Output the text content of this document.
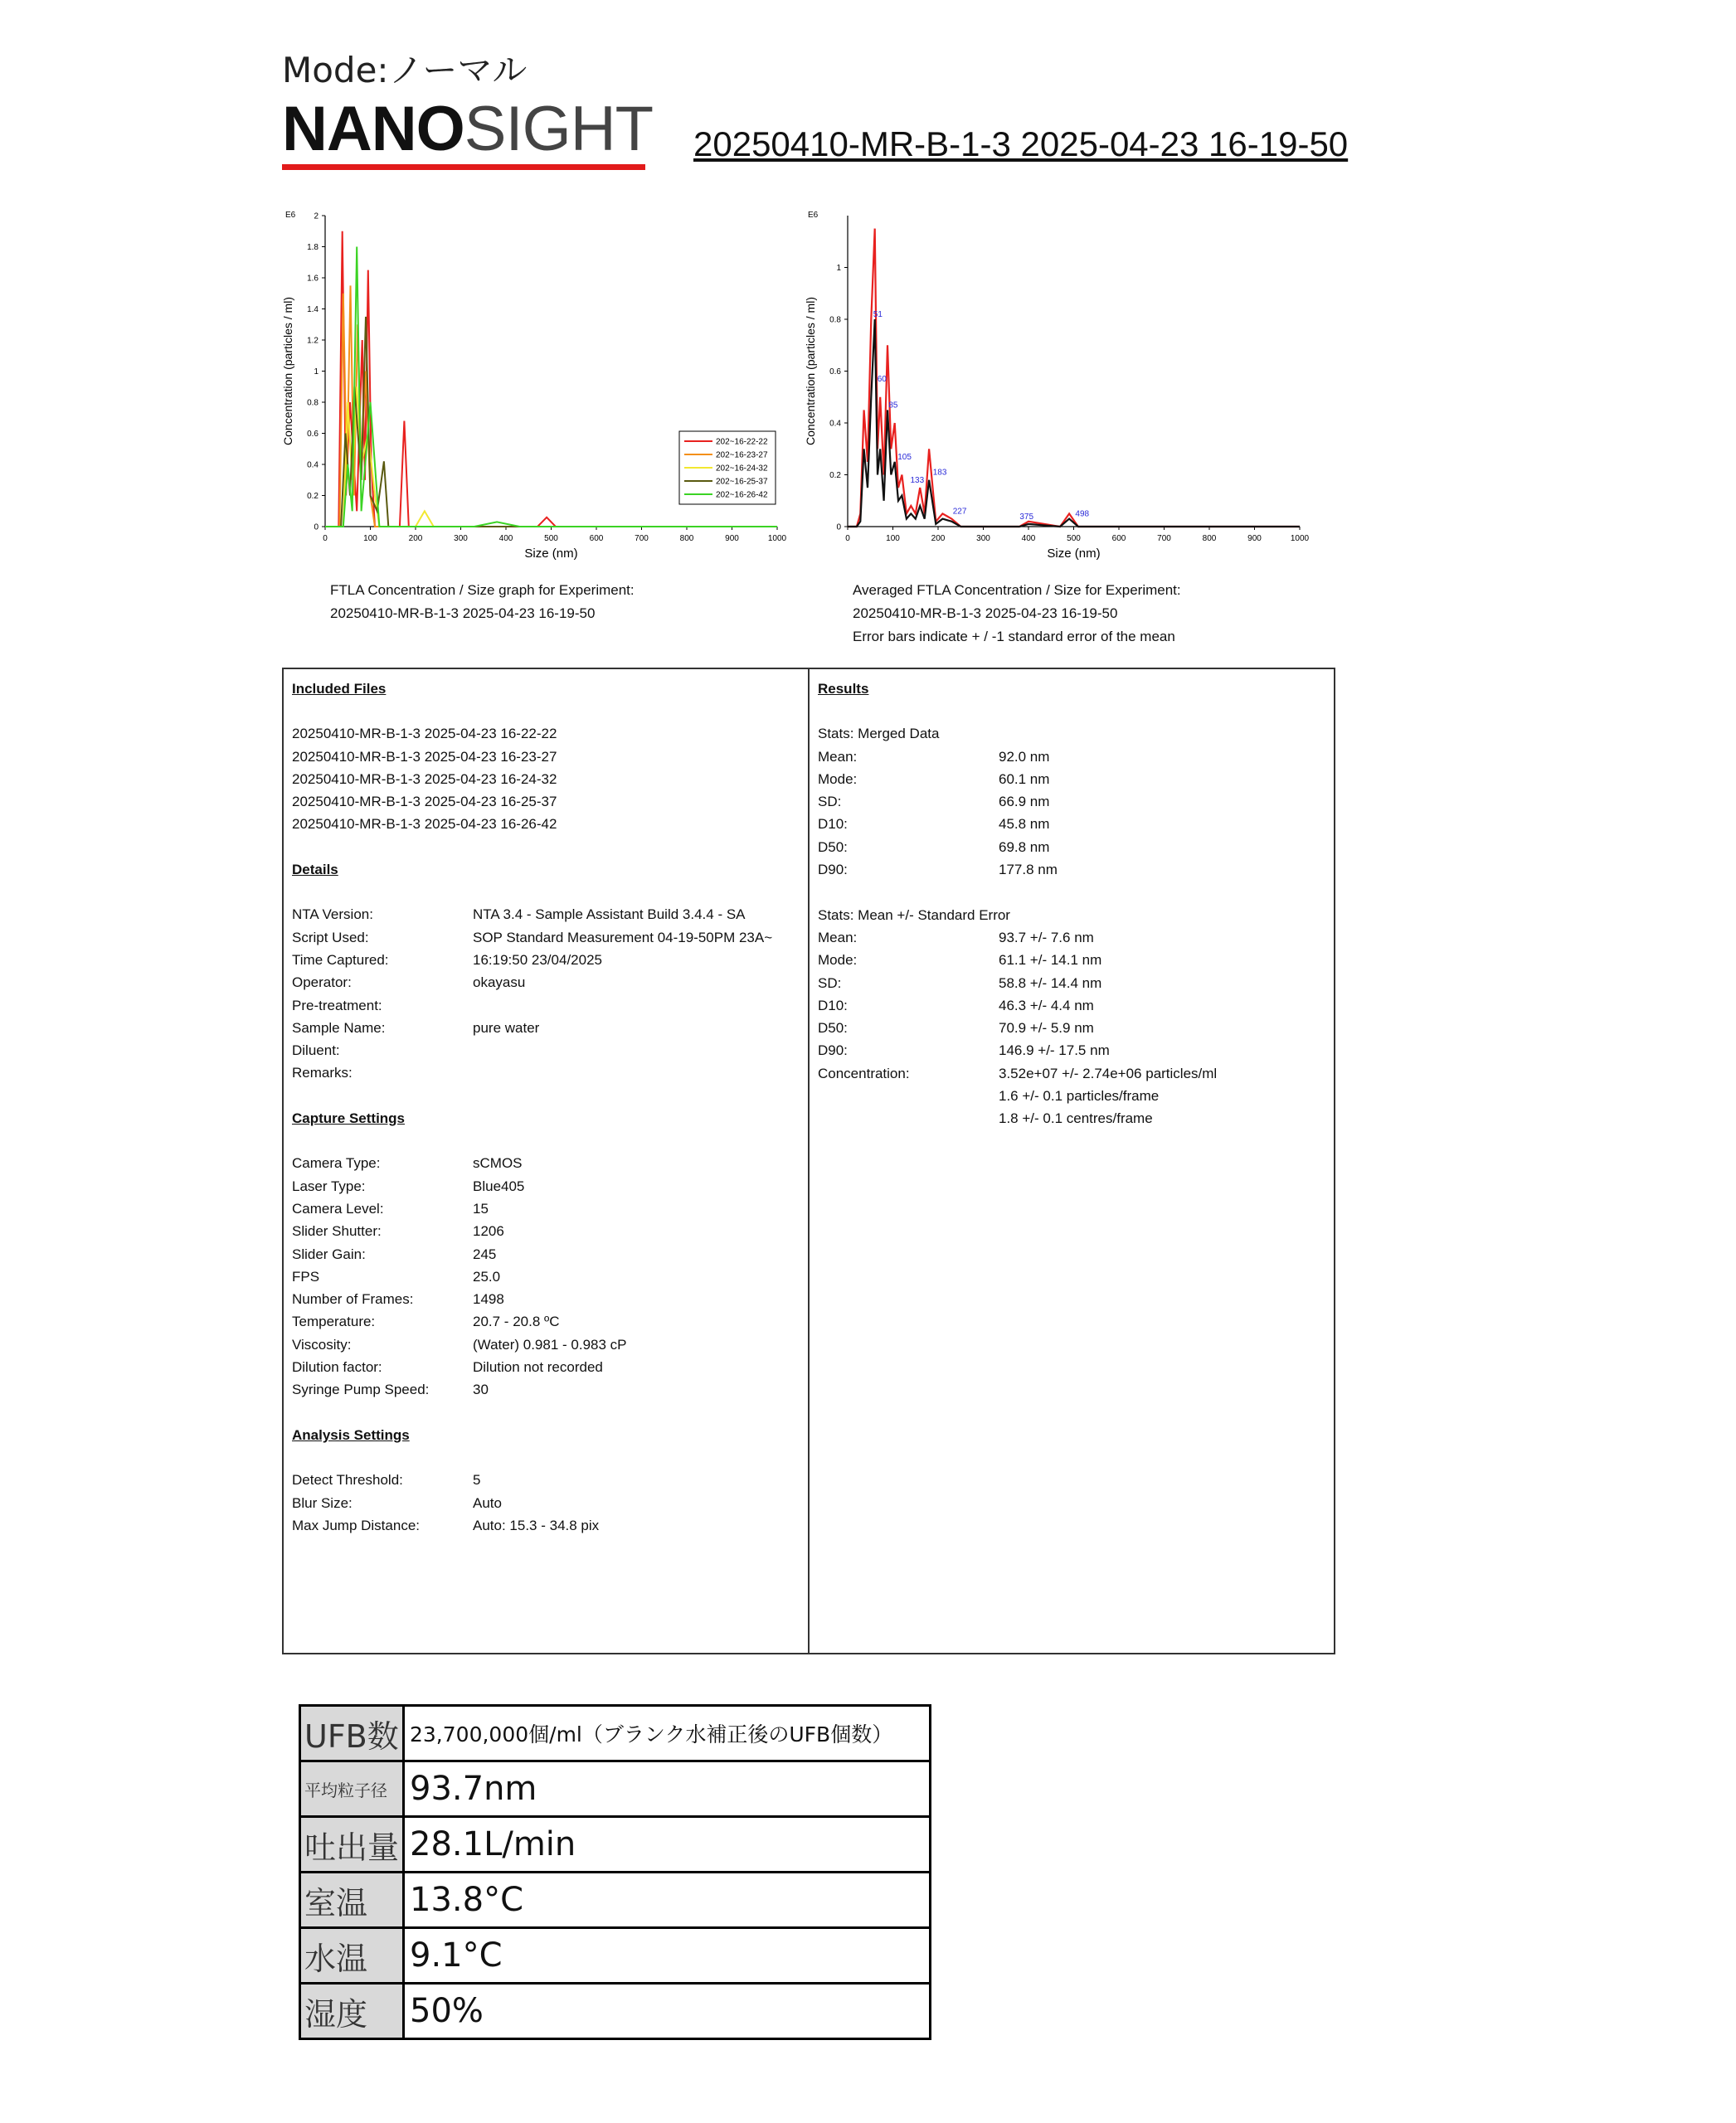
Mode:ノーマル
NANOSIGHT 20250410-MR-B-1-3 2025-04-23 16-19-50
E6
0
0.2
0.4
0.6
0.8
1
1.2
1.4
1.6
1.8
2
0	100	200	300	400	500	600	700	800	900	1000
Size (nm)
Concentration (particles / ml)	202~16-22-22
202~16-23-27
202~16-24-32
202~16-25-37
202~16-26-42
E6
0
0.2
0.4
0.6
0.8
1
0	100	200	300	400	500	600	700	800	900	1000
Size (nm)
Concentration (particles / ml)	51
60
85
105
133
183
227
375	498
FTLA Concentration / Size graph for Experiment:
20250410-MR-B-1-3 2025-04-23 16-19-50
Averaged FTLA Concentration / Size for Experiment:
20250410-MR-B-1-3 2025-04-23 16-19-50
Error bars indicate + / -1 standard error of the mean
Included Files
20250410-MR-B-1-3 2025-04-23 16-22-22
20250410-MR-B-1-3 2025-04-23 16-23-27
20250410-MR-B-1-3 2025-04-23 16-24-32
20250410-MR-B-1-3 2025-04-23 16-25-37
20250410-MR-B-1-3 2025-04-23 16-26-42
Details
NTA Version:	NTA 3.4 - Sample Assistant Build 3.4.4 - SA
Script Used:	SOP Standard Measurement 04-19-50PM 23A~
Time Captured:	16:19:50 23/04/2025
Operator:	okayasu
Pre-treatment:
Sample Name:	pure water
Diluent:
Remarks:
Capture Settings
Camera Type:	sCMOS
Laser Type:	Blue405
Camera Level:	15
Slider Shutter:	1206
Slider Gain:	245
FPS	25.0
Number of Frames:	1498
Temperature:	20.7 - 20.8 ºC
Viscosity:	(Water) 0.981 - 0.983 cP
Dilution factor:	Dilution not recorded
Syringe Pump Speed:	30
Analysis Settings
Detect Threshold:	5
Blur Size:	Auto
Max Jump Distance:	Auto: 15.3 - 34.8 pix
Results
Stats: Merged Data
Mean:	92.0 nm
Mode:	60.1 nm
SD:	66.9 nm
D10:	45.8 nm
D50:	69.8 nm
D90:	177.8 nm
Stats: Mean +/- Standard Error
Mean:	93.7 +/- 7.6 nm
Mode:	61.1 +/- 14.1 nm
SD:	58.8 +/- 14.4 nm
D10:	46.3 +/- 4.4 nm
D50:	70.9 +/- 5.9 nm
D90:	146.9 +/- 17.5 nm
Concentration:	3.52e+07 +/- 2.74e+06 particles/ml
1.6 +/- 0.1 particles/frame
1.8 +/- 0.1 centres/frame
UFB数	23,700,000個/ml（ブランク水補正後のUFB個数）
平均粒子径	93.7nm
吐出量	28.1L/min
室温	13.8°C
水温	9.1°C
湿度	50%
